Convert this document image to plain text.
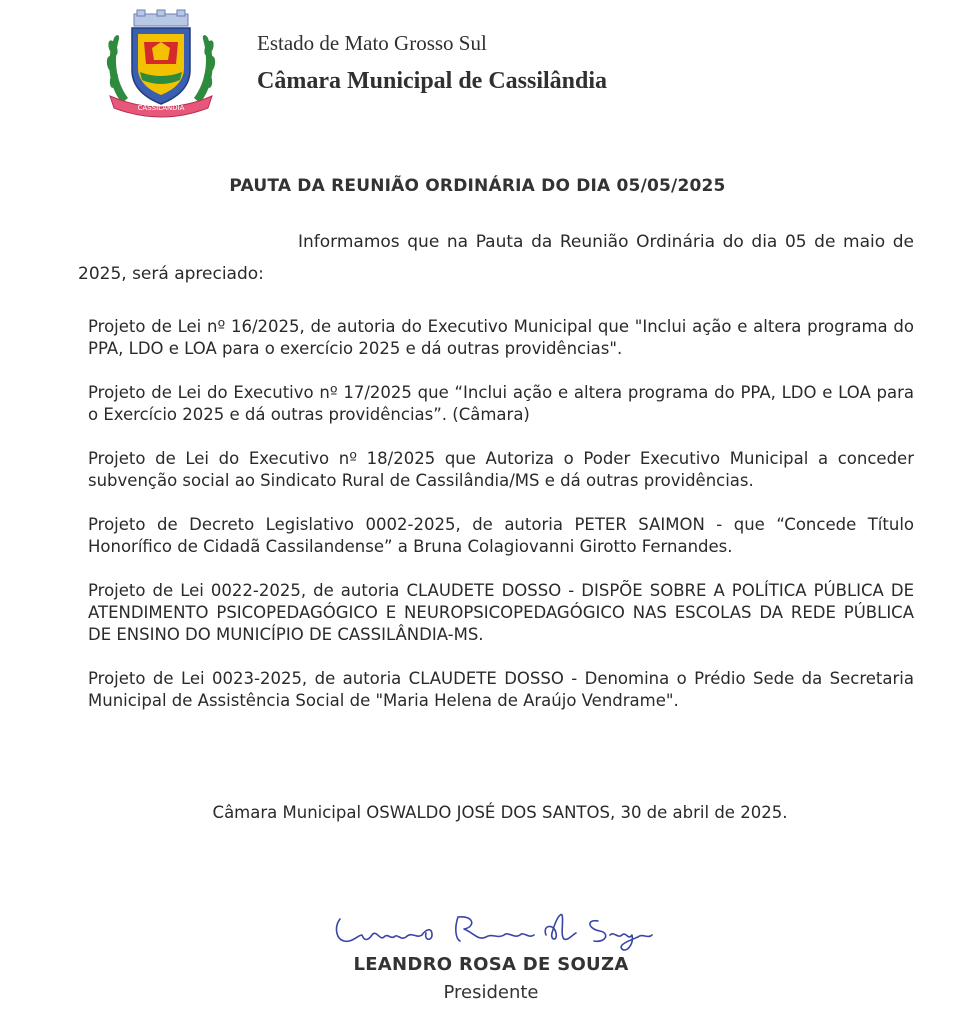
CASSILÂNDIA
Estado de Mato Grosso Sul
Câmara Municipal de Cassilândia
PAUTA DA REUNIÃO ORDINÁRIA DO DIA 05/05/2025
Informamos que na Pauta da Reunião Ordinária do dia 05 de maio de 2025, será apreciado:

Projeto de Lei nº 16/2025, de autoria do Executivo Municipal que "Inclui ação e altera programa do PPA, LDO e LOA para o exercício 2025 e dá outras providências".

Projeto de Lei do Executivo nº 17/2025 que “Inclui ação e altera programa do PPA, LDO e LOA para o Exercício 2025 e dá outras providências”. (Câmara)

Projeto de Lei do Executivo nº 18/2025 que Autoriza o Poder Executivo Municipal a conceder subvenção social ao Sindicato Rural de Cassilândia/MS e dá outras providências.

Projeto de Decreto Legislativo 0002-2025, de autoria PETER SAIMON - que “Concede Título Honorífico de Cidadã Cassilandense” a Bruna Colagiovanni Girotto Fernandes.

Projeto de Lei 0022-2025, de autoria CLAUDETE DOSSO - DISPÕE SOBRE A POLÍTICA PÚBLICA DE ATENDIMENTO PSICOPEDAGÓGICO E NEUROPSICOPEDAGÓGICO NAS ESCOLAS DA REDE PÚBLICA DE ENSINO DO MUNICÍPIO DE CASSILÂNDIA-MS.

Projeto de Lei 0023-2025, de autoria CLAUDETE DOSSO - Denomina o Prédio Sede da Secretaria Municipal de Assistência Social de "Maria Helena de Araújo Vendrame".

Câmara Municipal OSWALDO JOSÉ DOS SANTOS, 30 de abril de 2025.
LEANDRO ROSA DE SOUZA
Presidente
